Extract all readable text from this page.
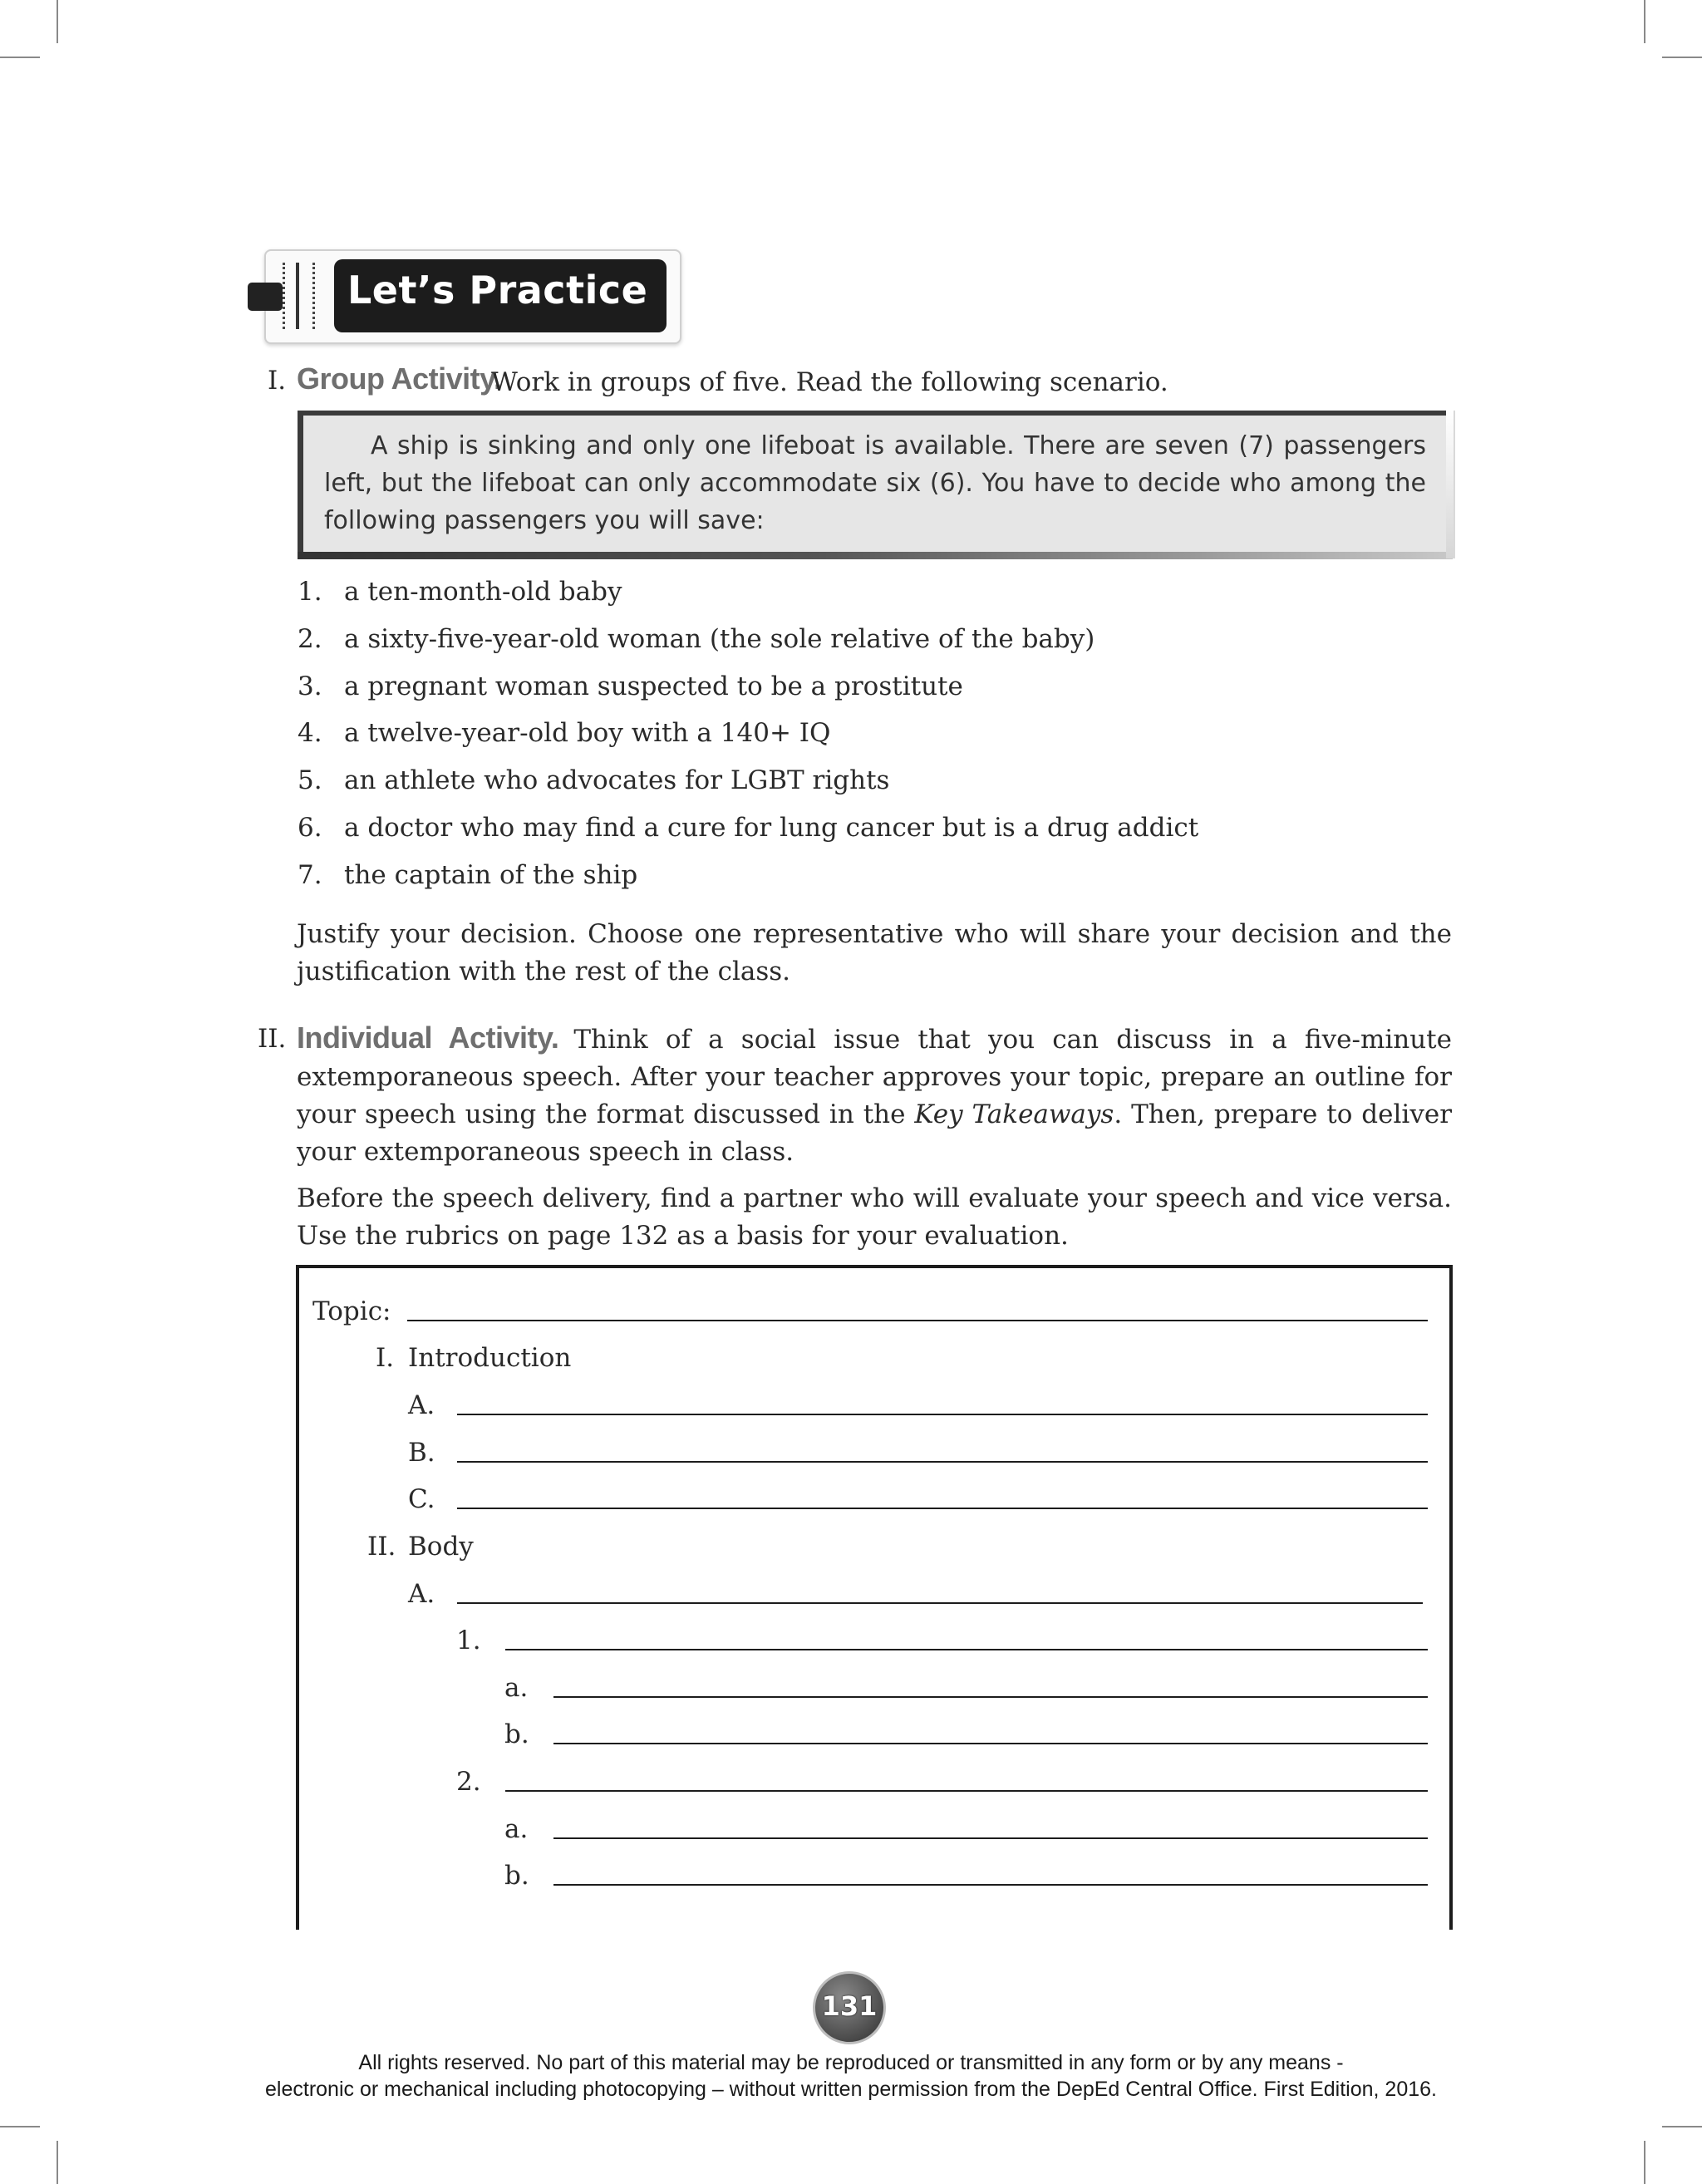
Let’s Practice
I. Group Activity.
Work in groups of five. Read the following scenario.
A ship is sinking and only one lifeboat is available. There are seven (7) passengers left, but the lifeboat can only accommodate six (6). You have to decide who among the following passengers you will save:
1. a ten-month-old baby
2. a sixty-five-year-old woman (the sole relative of the baby)
3. a pregnant woman suspected to be a prostitute
4. a twelve-year-old boy with a 140+ IQ
5. an athlete who advocates for LGBT rights
6. a doctor who may find a cure for lung cancer but is a drug addict
7. the captain of the ship
Justify your decision. Choose one representative who will share your decision and the justification with the rest of the class.
II. Individual Activity. Think of a social issue that you can discuss in a five-minute extemporaneous speech. After your teacher approves your topic, prepare an outline for your speech using the format discussed in the Key Takeaways. Then, prepare to deliver your extemporaneous speech in class.
Before the speech delivery, find a partner who will evaluate your speech and vice versa. Use the rubrics on page 132 as a basis for your evaluation.
Topic:
I. Introduction
A.
B.
C.
II. Body
A.
1.
a.
b.
2.
a.
b.
131
All rights reserved. No part of this material may be reproduced or transmitted in any form or by any means -
electronic or mechanical including photocopying – without written permission from the DepEd Central Office. First Edition, 2016.
